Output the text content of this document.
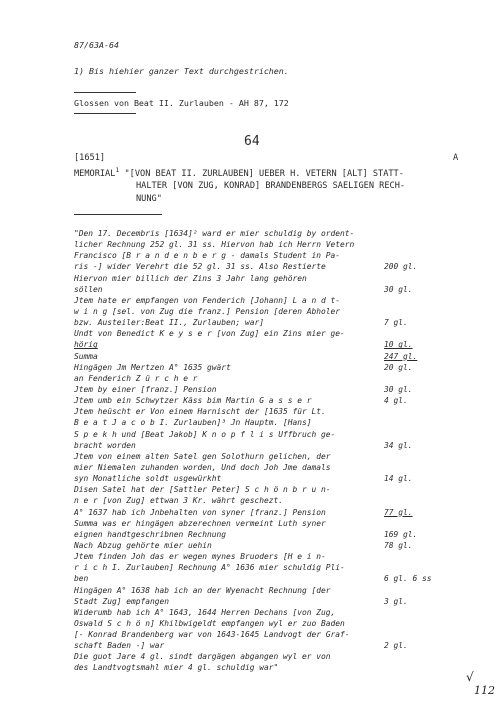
87/63A-64
1) Bis hiehier ganzer Text durchgestrichen.
Glossen von Beat II. Zurlauben - AH 87, 172
64
[1651]	A
MEMORIAL$^1$ "[VON BEAT II. ZURLAUBEN] UEBER H. VETERN [ALT] STATT-
HALTER [VON ZUG, KONRAD] BRANDENBERGS SAELIGEN RECH-
NUNG"
"Den 17. Decembris [1634]² ward er mier schuldig by ordent-
licher Rechnung 252 gl. 31 ss. Hiervon hab ich Herrn Vetern
Francisco [B r a n d e n b e r g - damals Student in Pa-
ris -] wider Verehrt die 52 gl. 31 ss. Also Restierte	200 gl.
Hiervon mier billich der Zins 3 Jahr lang gehören
söllen	30 gl.
Jtem hate er empfangen von Fenderich [Johann] L a n d t-
w i n g [sel. von Zug die franz.] Pension [deren Abholer
bzw. Austeiler:Beat II., Zurlauben; war]	7 gl.
Undt von Benedict K e y s e r [von Zug] ein Zins mier ge-
hörig	10 gl.
Summa	247 gl.
Hingägen Jm Mertzen A° 1635 gwärt	20 gl.
an Fenderich Z ü r c h e r
Jtem by einer [franz.] Pension	30 gl.
Jtem umb ein Schwytzer Käss bim Martin G a s s e r	4 gl.
Jtem heüscht er Von einem Harnischt der [1635 für Lt.
B e a t J a c o b I. Zurlauben]³ Jn Hauptm. [Hans]
S p e k h und [Beat Jakob] K n o p f l i s Uffbruch ge-
bracht worden	34 gl.
Jtem von einem alten Satel gen Solothurn gelichen, der
mier Niemalen zuhanden worden, Und doch Joh Jme damals
syn Monatliche soldt usgewürkht	14 gl.
Disen Satel hat der [Sattler Peter] S c h ö n b r u n-
n e r [von Zug] ettwan 3 Kr. währt geschezt.
A° 1637 hab ich Jnbehalten von syner [franz.] Pension	77 gl.
Summa was er hingägen abzerechnen vermeint Luth syner
eignen handtgeschribnen Rechnung	169 gl.
Nach Abzug gehörte mier uehin	78 gl.
Jtem finden Joh das er wegen mynes Bruoders [H e i n-
r i c h I. Zurlauben] Rechnung A° 1636 mier schuldig Pli-
ben	6 gl. 6 ss
Hingägen A° 1638 hab ich an der Wyenacht Rechnung [der
Stadt Zug] empfangen	3 gl.
Widerumb hab ich A° 1643, 1644 Herren Dechans [von Zug,
Oswald S c h ö n] Khilbwigeldt empfangen wyl er zuo Baden
[- Konrad Brandenberg war von 1643-1645 Landvogt der Graf-
schaft Baden -] war	2 gl.
Die guot Jare 4 gl. sindt dargägen abgangen wyl er von
des Landtvogtsmahl mier 4 gl. schuldig war"
√
112
